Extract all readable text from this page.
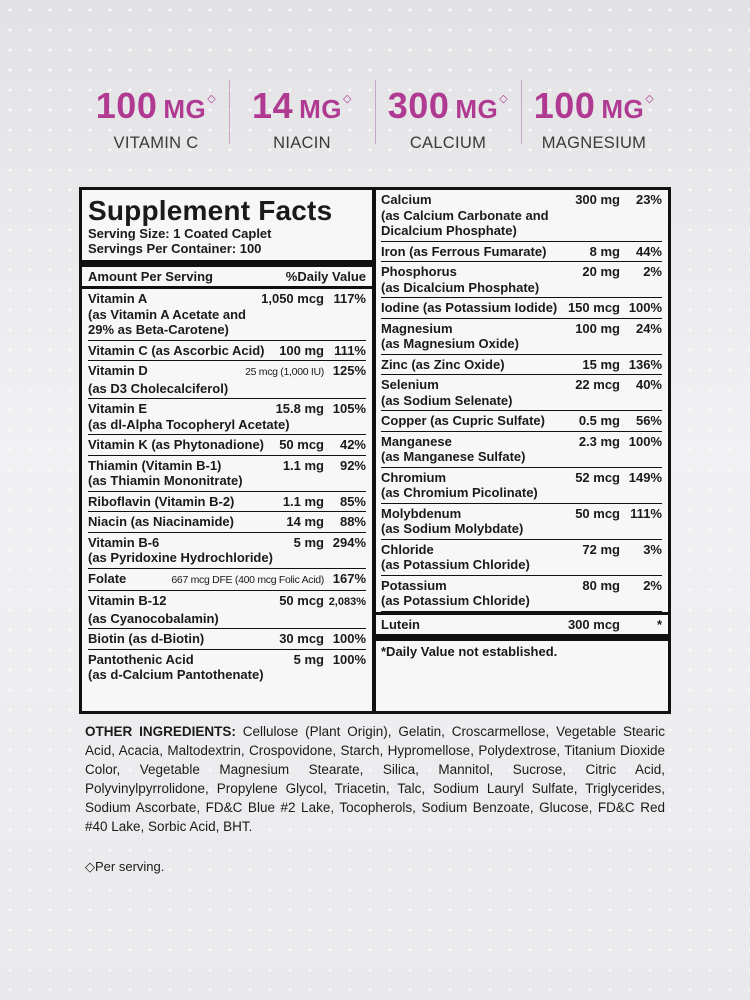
100 MG◇
VITAMIN C
14 MG◇
NIACIN
300 MG◇
CALCIUM
100 MG◇
MAGNESIUM
Supplement Facts
Serving Size: 1 Coated Caplet
Servings Per Container: 100
Amount Per Serving	%Daily Value
Vitamin A	1,050 mcg 117%
(as Vitamin A Acetate and
29% as Beta-Carotene)
Vitamin C (as Ascorbic Acid) 100 mg 111%
Vitamin D	25 mcg (1,000 IU) 125%
(as D3 Cholecalciferol)
Vitamin E	15.8 mg 105%
(as dl-Alpha Tocopheryl Acetate)
Vitamin K (as Phytonadione) 50 mcg 42%
Thiamin (Vitamin B-1)	1.1 mg 92%
(as Thiamin Mononitrate)
Riboflavin (Vitamin B-2)	1.1 mg 85%
Niacin (as Niacinamide)	14 mg 88%
Vitamin B-6	5 mg 294%
(as Pyridoxine Hydrochloride)
Folate	667 mcg DFE (400 mcg Folic Acid) 167%
Vitamin B-12	50 mcg 2,083%
(as Cyanocobalamin)
Biotin (as d-Biotin)	30 mcg 100%
Pantothenic Acid	5 mg 100%
(as d-Calcium Pantothenate)
Calcium	300 mg 23%
(as Calcium Carbonate and
Dicalcium Phosphate)
Iron (as Ferrous Fumarate)	8 mg 44%
Phosphorus	20 mg 2%
(as Dicalcium Phosphate)
Iodine (as Potassium Iodide) 150 mcg 100%
Magnesium	100 mg 24%
(as Magnesium Oxide)
Zinc (as Zinc Oxide)	15 mg 136%
Selenium	22 mcg 40%
(as Sodium Selenate)
Copper (as Cupric Sulfate)	0.5 mg 56%
Manganese	2.3 mg 100%
(as Manganese Sulfate)
Chromium	52 mcg 149%
(as Chromium Picolinate)
Molybdenum	50 mcg 111%
(as Sodium Molybdate)
Chloride	72 mg 3%
(as Potassium Chloride)
Potassium	80 mg 2%
(as Potassium Chloride)
Lutein	300 mcg	*
*Daily Value not established.
OTHER INGREDIENTS: Cellulose (Plant Origin), Gelatin, Croscarmellose, Vegetable Stearic Acid, Acacia, Maltodextrin, Crospovidone, Starch, Hypromellose, Polydextrose, Titanium Dioxide Color, Vegetable Magnesium Stearate, Silica, Mannitol, Sucrose, Citric Acid, Polyvinylpyrrolidone, Propylene Glycol, Triacetin, Talc, Sodium Lauryl Sulfate, Triglycerides, Sodium Ascorbate, FD&C Blue #2 Lake, Tocopherols, Sodium Benzoate, Glucose, FD&C Red #40 Lake, Sorbic Acid, BHT.
◇Per serving.
